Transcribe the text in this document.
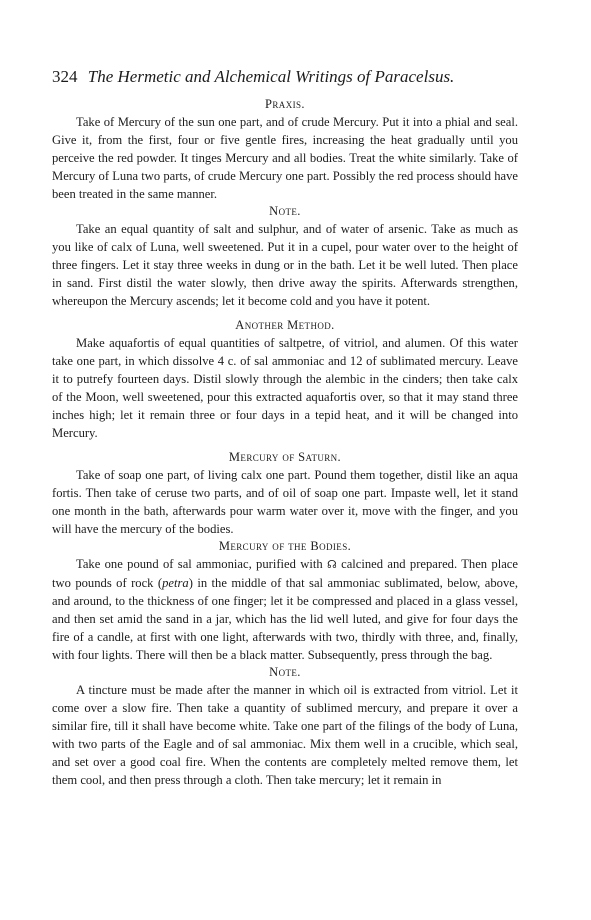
324 The Hermetic and Alchemical Writings of Paracelsus.
Praxis.

Take of Mercury of the sun one part, and of crude Mercury. Put it into a phial and seal. Give it, from the first, four or five gentle fires, increasing the heat gradually until you perceive the red powder. It tinges Mercury and all bodies. Treat the white similarly. Take of Mercury of Luna two parts, of crude Mercury one part. Possibly the red process should have been treated in the same manner.

Note.

Take an equal quantity of salt and sulphur, and of water of arsenic. Take as much as you like of calx of Luna, well sweetened. Put it in a cupel, pour water over to the height of three fingers. Let it stay three weeks in dung or in the bath. Let it be well luted. Then place in sand. First distil the water slowly, then drive away the spirits. Afterwards strengthen, whereupon the Mercury ascends; let it become cold and you have it potent.

Another Method.

Make aquafortis of equal quantities of saltpetre, of vitriol, and alumen. Of this water take one part, in which dissolve 4 c. of sal ammoniac and 12 of sublimated mercury. Leave it to putrefy fourteen days. Distil slowly through the alembic in the cinders; then take calx of the Moon, well sweetened, pour this extracted aquafortis over, so that it may stand three inches high; let it remain three or four days in a tepid heat, and it will be changed into Mercury.

Mercury of Saturn.

Take of soap one part, of living calx one part. Pound them together, distil like an aqua fortis. Then take of ceruse two parts, and of oil of soap one part. Impaste well, let it stand one month in the bath, afterwards pour warm water over it, move with the finger, and you will have the mercury of the bodies.

Mercury of the Bodies.

Take one pound of sal ammoniac, purified with ☊ calcined and prepared. Then place two pounds of rock (petra) in the middle of that sal ammoniac sublimated, below, above, and around, to the thickness of one finger; let it be compressed and placed in a glass vessel, and then set amid the sand in a jar, which has the lid well luted, and give for four days the fire of a candle, at first with one light, afterwards with two, thirdly with three, and, finally, with four lights. There will then be a black matter. Subsequently, press through the bag.

Note.

A tincture must be made after the manner in which oil is extracted from vitriol. Let it come over a slow fire. Then take a quantity of sublimed mercury, and prepare it over a similar fire, till it shall have become white. Take one part of the filings of the body of Luna, with two parts of the Eagle and of sal ammoniac. Mix them well in a crucible, which seal, and set over a good coal fire. When the contents are completely melted remove them, let them cool, and then press through a cloth. Then take mercury; let it remain in
